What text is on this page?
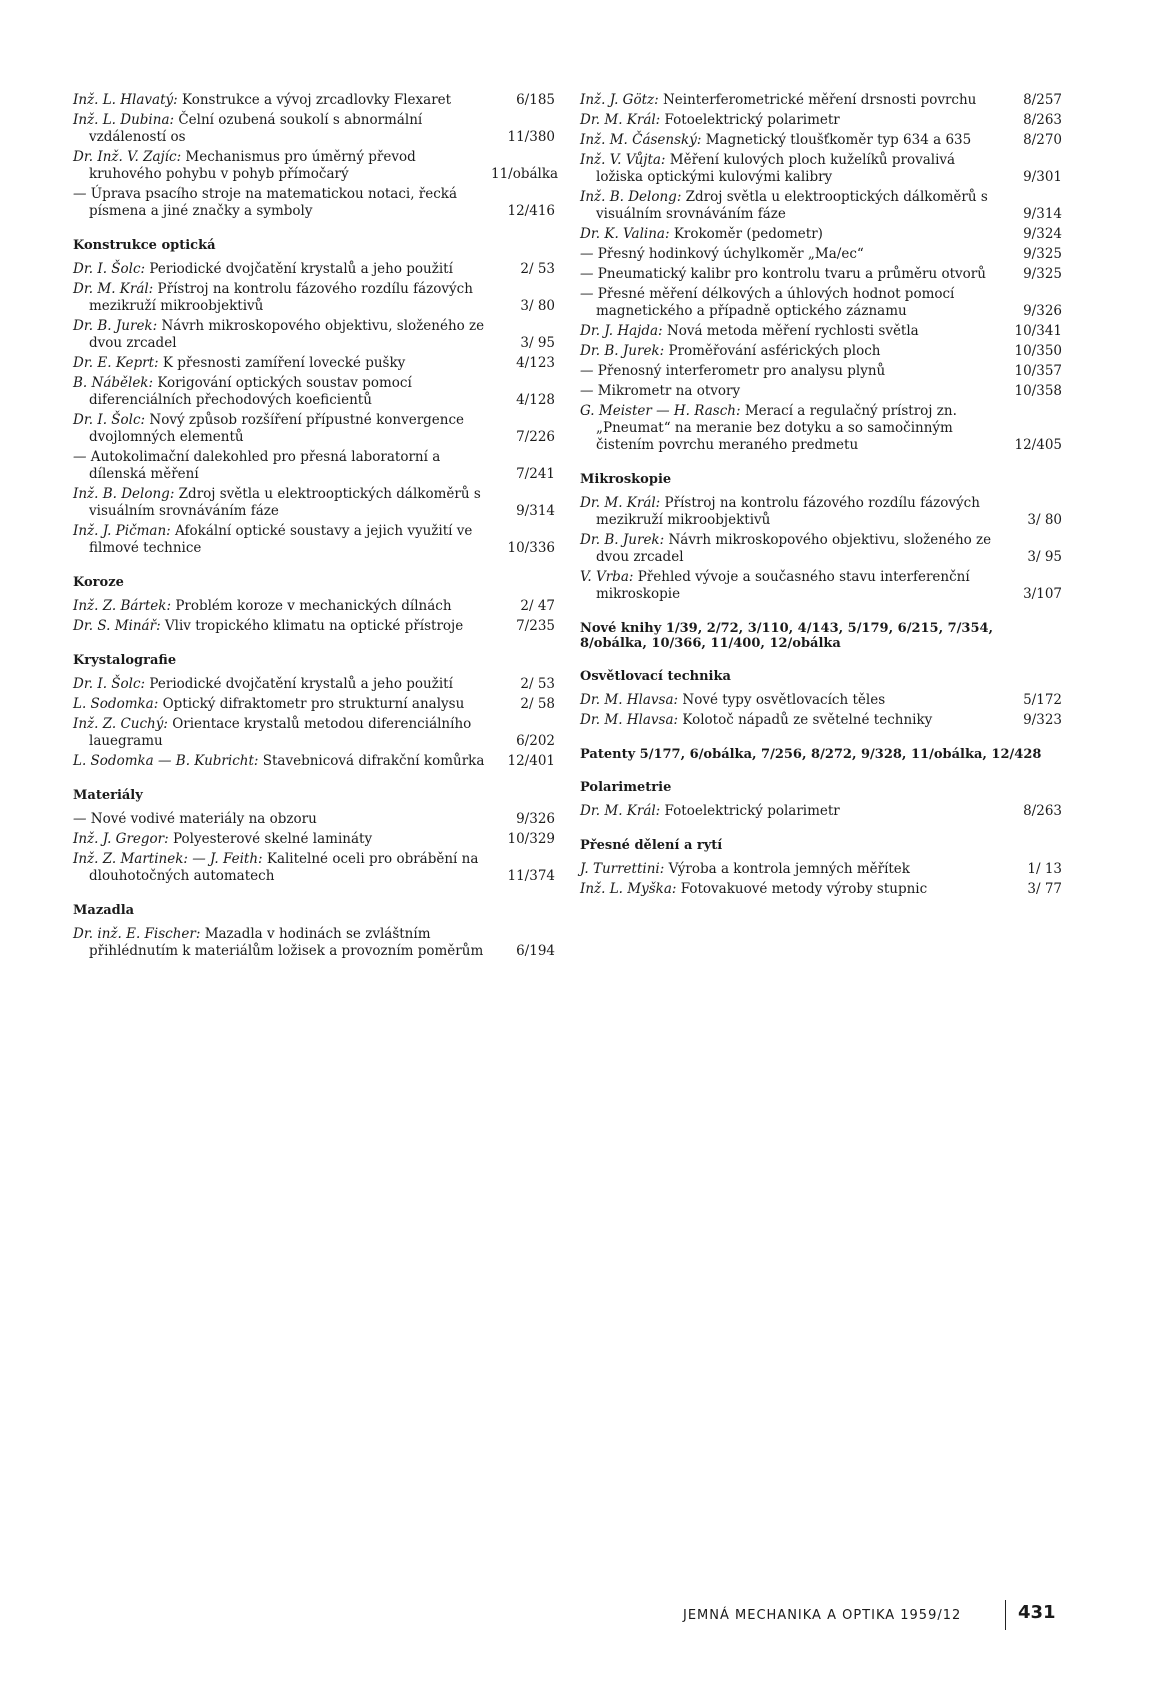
Inž. L. Hlavatý: Konstrukce a vývoj zrcadlovky Flexaret	6/185
Inž. L. Dubina: Čelní ozubená soukolí s abnormální vzdáleností os	11/380
Dr. Inž. V. Zajíc: Mechanismus pro úměrný převod kruhového pohybu v pohyb přímočarý	11/obálka
— Úprava psacího stroje na matematickou notaci, řecká písmena a jiné značky a symboly	12/416
Konstrukce optická
Dr. I. Šolc: Periodické dvojčatění krystalů a jeho použití	2/ 53
Dr. M. Král: Přístroj na kontrolu fázového rozdílu fázových mezikruží mikroobjektivů	3/ 80
Dr. B. Jurek: Návrh mikroskopového objektivu, složeného ze dvou zrcadel	3/ 95
Dr. E. Keprt: K přesnosti zamíření lovecké pušky	4/123
B. Nábělek: Korigování optických soustav pomocí diferenciálních přechodových koeficientů	4/128
Dr. I. Šolc: Nový způsob rozšíření přípustné konvergence dvojlomných elementů	7/226
— Autokolimační dalekohled pro přesná laboratorní a dílenská měření	7/241
Inž. B. Delong: Zdroj světla u elektrooptických dálkoměrů s visuálním srovnáváním fáze	9/314
Inž. J. Pičman: Afokální optické soustavy a jejich využití ve filmové technice	10/336
Koroze
Inž. Z. Bártek: Problém koroze v mechanických dílnách	2/ 47
Dr. S. Minář: Vliv tropického klimatu na optické přístroje	7/235
Krystalografie
Dr. I. Šolc: Periodické dvojčatění krystalů a jeho použití	2/ 53
L. Sodomka: Optický difraktometr pro strukturní analysu	2/ 58
Inž. Z. Cuchý: Orientace krystalů metodou diferenciálního lauegramu	6/202
L. Sodomka — B. Kubricht: Stavebnicová difrakční komůrka	12/401
Materiály
— Nové vodivé materiály na obzoru	9/326
Inž. J. Gregor: Polyesterové skelné lamináty	10/329
Inž. Z. Martinek: — J. Feith: Kalitelné oceli pro obrábění na dlouhotočných automatech	11/374
Mazadla
Dr. inž. E. Fischer: Mazadla v hodinách se zvláštním přihlédnutím k materiálům ložisek a provozním poměrům	6/194
Inž. J. Götz: Neinterferometrické měření drsnosti povrchu	8/257
Dr. M. Král: Fotoelektrický polarimetr	8/263
Inž. M. Čásenský: Magnetický tloušťkoměr typ 634 a 635	8/270
Inž. V. Vůjta: Měření kulových ploch kuželíků provalivá ložiska optickými kulovými kalibry	9/301
Inž. B. Delong: Zdroj světla u elektrooptických dálkoměrů s visuálním srovnáváním fáze	9/314
Dr. K. Valina: Krokoměr (pedometr)	9/324
— Přesný hodinkový úchylkoměr „Ma/ec“	9/325
— Pneumatický kalibr pro kontrolu tvaru a průměru otvorů	9/325
— Přesné měření délkových a úhlových hodnot pomocí magnetického a případně optického záznamu	9/326
Dr. J. Hajda: Nová metoda měření rychlosti světla	10/341
Dr. B. Jurek: Proměřování asférických ploch	10/350
— Přenosný interferometr pro analysu plynů	10/357
— Mikrometr na otvory	10/358
G. Meister — H. Rasch: Merací a regulačný prístroj zn. „Pneumat“ na meranie bez dotyku a so samočinným čistením povrchu meraného predmetu	12/405
Mikroskopie
Dr. M. Král: Přístroj na kontrolu fázového rozdílu fázových mezikruží mikroobjektivů	3/ 80
Dr. B. Jurek: Návrh mikroskopového objektivu, složeného ze dvou zrcadel	3/ 95
V. Vrba: Přehled vývoje a současného stavu interferenční mikroskopie	3/107
Nové knihy 1/39, 2/72, 3/110, 4/143, 5/179, 6/215, 7/354, 8/obálka, 10/366, 11/400, 12/obálka
Osvětlovací technika
Dr. M. Hlavsa: Nové typy osvětlovacích těles	5/172
Dr. M. Hlavsa: Kolotoč nápadů ze světelné techniky	9/323
Patenty 5/177, 6/obálka, 7/256, 8/272, 9/328, 11/obálka, 12/428
Polarimetrie
Dr. M. Král: Fotoelektrický polarimetr	8/263
Přesné dělení a rytí
J. Turrettini: Výroba a kontrola jemných měřítek	1/ 13
Inž. L. Myška: Fotovakuové metody výroby stupnic	3/ 77
JEMNÁ MECHANIKA A OPTIKA 1959/12	431
